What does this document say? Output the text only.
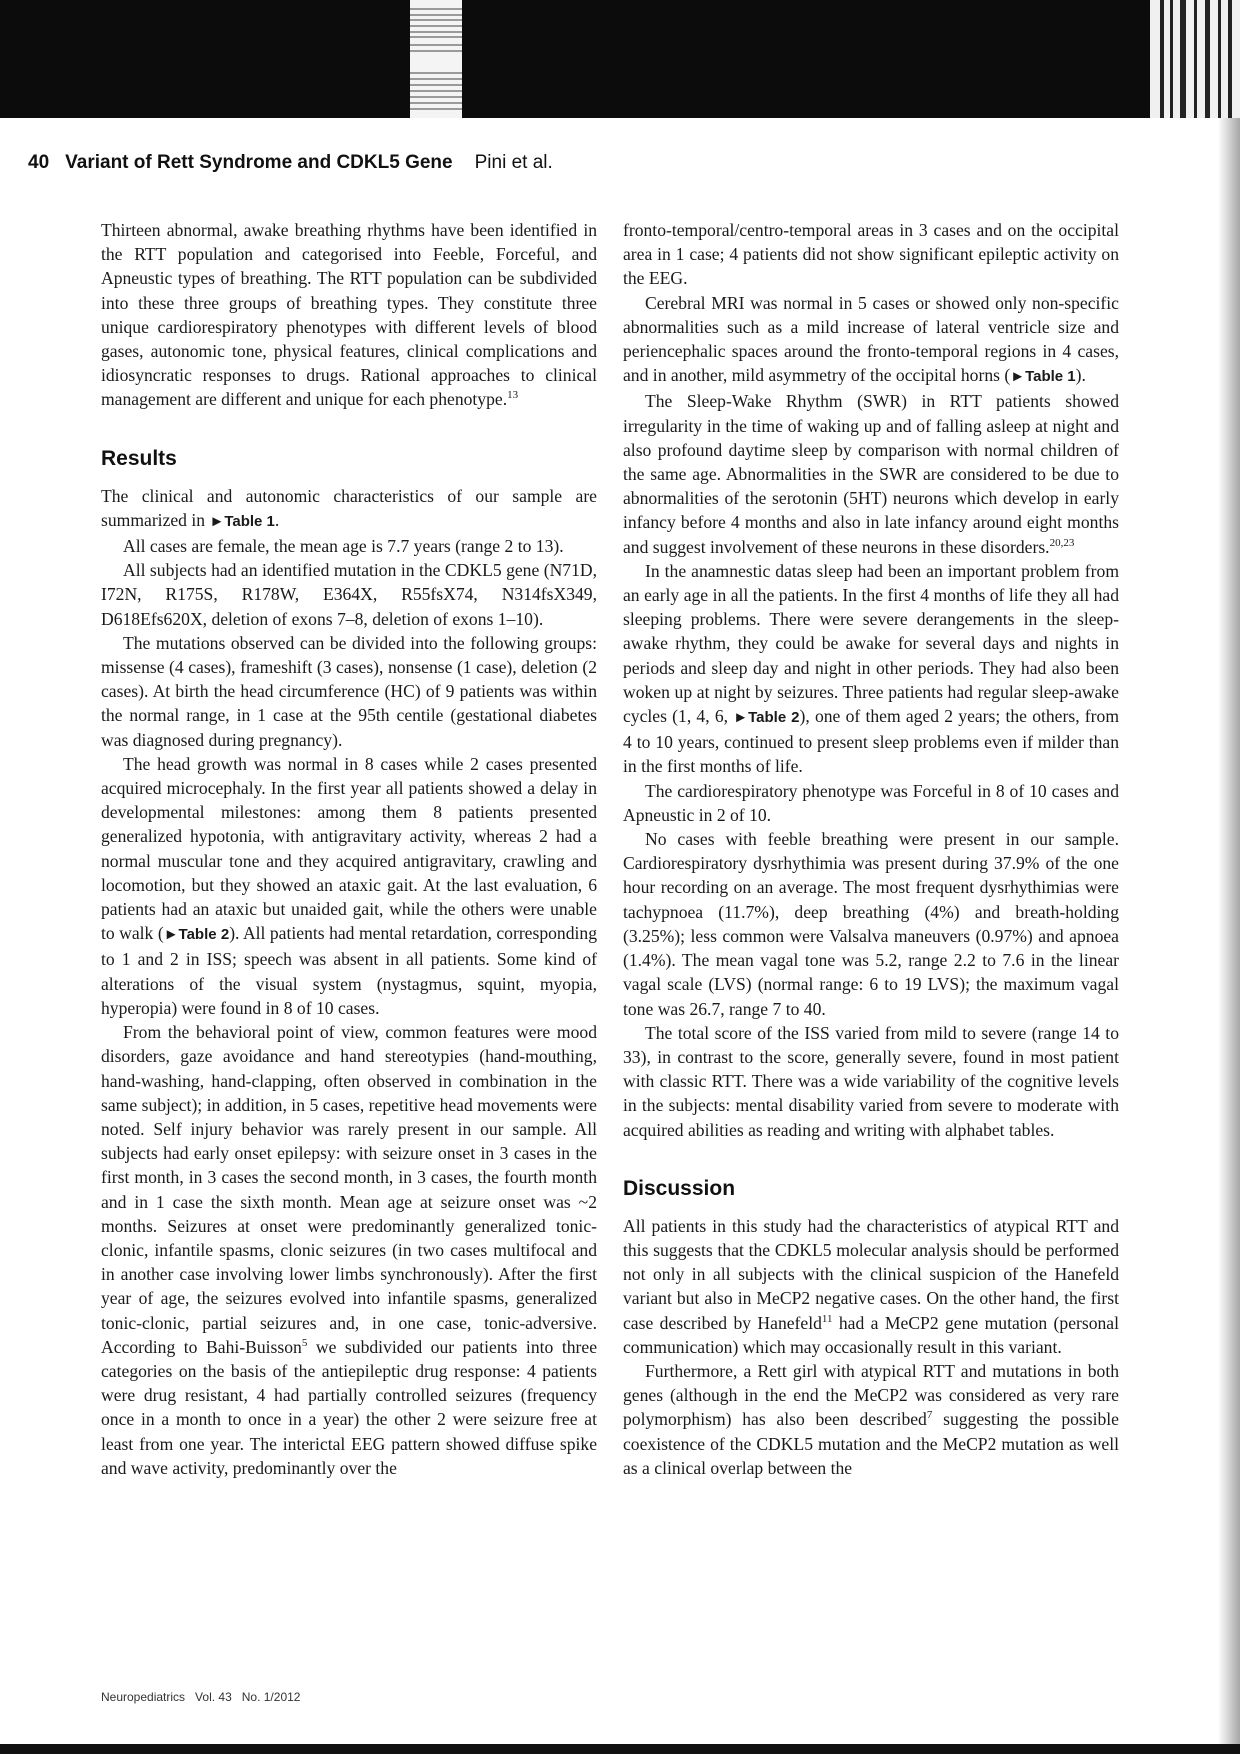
40 Variant of Rett Syndrome and CDKL5 Gene Pini et al.

Thirteen abnormal, awake breathing rhythms have been identified in the RTT population and categorised into Feeble, Forceful, and Apneustic types of breathing. The RTT population can be subdivided into these three groups of breathing types. They constitute three unique cardiorespiratory phenotypes with different levels of blood gases, autonomic tone, physical features, clinical complications and idiosyncratic responses to drugs. Rational approaches to clinical management are different and unique for each phenotype.$^{13}$

Results

The clinical and autonomic characteristics of our sample are summarized in ►Table 1.

All cases are female, the mean age is 7.7 years (range 2 to 13).

All subjects had an identified mutation in the CDKL5 gene (N71D, I72N, R175S, R178W, E364X, R55fsX74, N314fsX349, D618Efs620X, deletion of exons 7–8, deletion of exons 1–10).

The mutations observed can be divided into the following groups: missense (4 cases), frameshift (3 cases), nonsense (1 case), deletion (2 cases). At birth the head circumference (HC) of 9 patients was within the normal range, in 1 case at the 95th centile (gestational diabetes was diagnosed during pregnancy).

The head growth was normal in 8 cases while 2 cases presented acquired microcephaly. In the first year all patients showed a delay in developmental milestones: among them 8 patients presented generalized hypotonia, with antigravitary activity, whereas 2 had a normal muscular tone and they acquired antigravitary, crawling and locomotion, but they showed an ataxic gait. At the last evaluation, 6 patients had an ataxic but unaided gait, while the others were unable to walk (►Table 2). All patients had mental retardation, corresponding to 1 and 2 in ISS; speech was absent in all patients. Some kind of alterations of the visual system (nystagmus, squint, myopia, hyperopia) were found in 8 of 10 cases.

From the behavioral point of view, common features were mood disorders, gaze avoidance and hand stereotypies (hand-mouthing, hand-washing, hand-clapping, often observed in combination in the same subject); in addition, in 5 cases, repetitive head movements were noted. Self injury behavior was rarely present in our sample. All subjects had early onset epilepsy: with seizure onset in 3 cases in the first month, in 3 cases the second month, in 3 cases, the fourth month and in 1 case the sixth month. Mean age at seizure onset was ~2 months. Seizures at onset were predominantly generalized tonic-clonic, infantile spasms, clonic seizures (in two cases multifocal and in another case involving lower limbs synchronously). After the first year of age, the seizures evolved into infantile spasms, generalized tonic-clonic, partial seizures and, in one case, tonic-adversive. According to Bahi-Buisson$^5$ we subdivided our patients into three categories on the basis of the antiepileptic drug response: 4 patients were drug resistant, 4 had partially controlled seizures (frequency once in a month to once in a year) the other 2 were seizure free at least from one year. The interictal EEG pattern showed diffuse spike and wave activity, predominantly over the

fronto-temporal/centro-temporal areas in 3 cases and on the occipital area in 1 case; 4 patients did not show significant epileptic activity on the EEG.

Cerebral MRI was normal in 5 cases or showed only non-specific abnormalities such as a mild increase of lateral ventricle size and periencephalic spaces around the fronto-temporal regions in 4 cases, and in another, mild asymmetry of the occipital horns (►Table 1).

The Sleep-Wake Rhythm (SWR) in RTT patients showed irregularity in the time of waking up and of falling asleep at night and also profound daytime sleep by comparison with normal children of the same age. Abnormalities in the SWR are considered to be due to abnormalities of the serotonin (5HT) neurons which develop in early infancy before 4 months and also in late infancy around eight months and suggest involvement of these neurons in these disorders.$^{20,23}$

In the anamnestic datas sleep had been an important problem from an early age in all the patients. In the first 4 months of life they all had sleeping problems. There were severe derangements in the sleep-awake rhythm, they could be awake for several days and nights in periods and sleep day and night in other periods. They had also been woken up at night by seizures. Three patients had regular sleep-awake cycles (1, 4, 6, ►Table 2), one of them aged 2 years; the others, from 4 to 10 years, continued to present sleep problems even if milder than in the first months of life.

The cardiorespiratory phenotype was Forceful in 8 of 10 cases and Apneustic in 2 of 10.

No cases with feeble breathing were present in our sample. Cardiorespiratory dysrhythimia was present during 37.9% of the one hour recording on an average. The most frequent dysrhythimias were tachypnoea (11.7%), deep breathing (4%) and breath-holding (3.25%); less common were Valsalva maneuvers (0.97%) and apnoea (1.4%). The mean vagal tone was 5.2, range 2.2 to 7.6 in the linear vagal scale (LVS) (normal range: 6 to 19 LVS); the maximum vagal tone was 26.7, range 7 to 40.

The total score of the ISS varied from mild to severe (range 14 to 33), in contrast to the score, generally severe, found in most patient with classic RTT. There was a wide variability of the cognitive levels in the subjects: mental disability varied from severe to moderate with acquired abilities as reading and writing with alphabet tables.

Discussion

All patients in this study had the characteristics of atypical RTT and this suggests that the CDKL5 molecular analysis should be performed not only in all subjects with the clinical suspicion of the Hanefeld variant but also in MeCP2 negative cases. On the other hand, the first case described by Hanefeld$^{11}$ had a MeCP2 gene mutation (personal communication) which may occasionally result in this variant.

Furthermore, a Rett girl with atypical RTT and mutations in both genes (although in the end the MeCP2 was considered as very rare polymorphism) has also been described$^7$ suggesting the possible coexistence of the CDKL5 mutation and the MeCP2 mutation as well as a clinical overlap between the

Neuropediatrics Vol. 43 No. 1/2012
